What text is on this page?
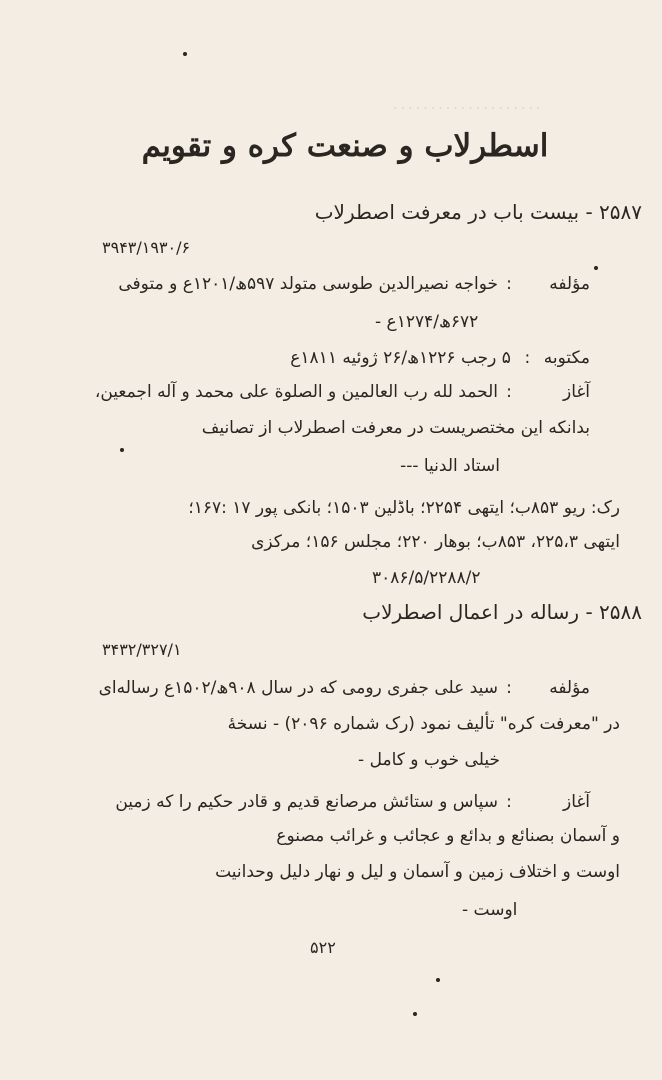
۰۰۰۰۰۰۰۰۰۰۰۰۰۰۰۰۰۰۰۰
اسطرلاب و صنعت کره و تقویم
۲۵۸۷ - بیست باب در معرفت اصطرلاب
۳۹۴۳/۱۹۳۰/۶
مؤلفه:خواجه نصیرالدین طوسی متولد ۵۹۷ھ/۱۲۰۱ع و متوفی
۶۷۲ھ/۱۲۷۴ع -
مکتوبه : ۵ رجب ۱۲۲۶ھ/۲۶ ژوئیه ۱۸۱۱ع
آغاز:الحمد لله رب العالمین و الصلوة علی محمد و آله اجمعین،
بدانکه این مختصریست در معرفت اصطرلاب از تصانیف
استاد الدنیا ---
رک: ریو ۸۵۳ب؛ ایتهی ۲۲۵۴؛ باڈلین ۱۵۰۳؛ بانکی پور ۱۷ :۱۶۷؛
ایتهی ۲۲۵،۳، ۸۵۳ب؛ بوهار ۲۲۰؛ مجلس ۱۵۶؛ مرکزی
۳۰۸۶/۵/۲۲۸۸/۲
۲۵۸۸ - رساله در اعمال اصطرلاب
۳۴۳۲/۳۲۷/۱
مؤلفه:سید علی جفری رومی که در سال ۹۰۸ھ/۱۵۰۲ع رساله‌ای
در "معرفت کره" تألیف نمود (رک شماره ۲۰۹۶) - نسخهٔ
خیلی خوب و کامل -
آغاز:سپاس و ستائش مرصانع قدیم و قادر حکیم را که زمین
و آسمان بصنائع و بدائع و عجائب و غرائب مصنوع
اوست و اختلاف زمین و آسمان و لیل و نهار دلیل وحدانیت
اوست -
۵۲۲
